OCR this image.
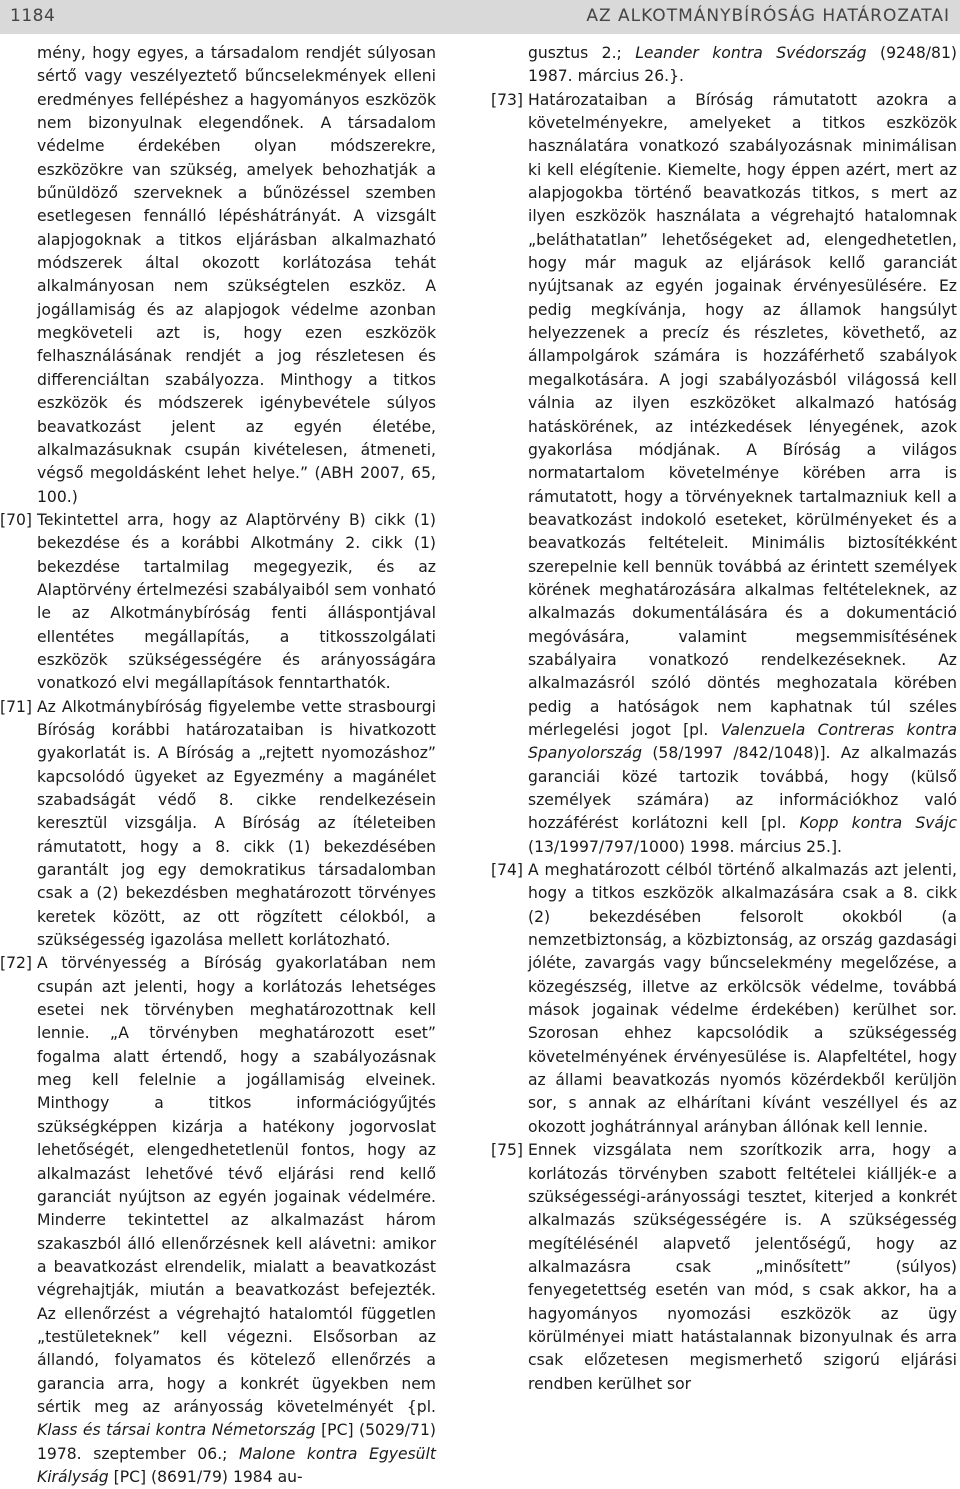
1184	AZ ALKOTMÁNYBÍRÓSÁG HATÁROZATAI

mény, hogy egyes, a társadalom rendjét súlyosan sértő vagy veszélyeztető bűncselekmények elleni eredményes fellépéshez a hagyományos eszközök nem bizonyulnak elegendőnek. A társadalom védelme érdekében olyan módszerekre, eszközökre van szükség, amelyek behozhatják a bűnüldöző szerveknek a bűnözéssel szemben esetlegesen fennálló lépéshátrányát. A vizsgált alapjogoknak a titkos eljárásban alkalmazható módszerek által okozott korlátozása tehát alkalmányosan nem szükségtelen eszköz. A jogállamiság és az alapjogok védelme azonban megköveteli azt is, hogy ezen eszközök felhasználásának rendjét a jog részletesen és differenciáltan szabályozza. Minthogy a titkos eszközök és módszerek igénybevétele súlyos beavatkozást jelent az egyén életébe, alkalmazásuknak csupán kivételesen, átmeneti, végső megoldásként lehet helye.” (ABH 2007, 65, 100.)

[70] Tekintettel arra, hogy az Alaptörvény B) cikk (1) bekezdése és a korábbi Alkotmány 2. cikk (1) bekezdése tartalmilag megegyezik, és az Alaptörvény értelmezési szabályaiból sem vonható le az Alkotmánybíróság fenti álláspontjával ellentétes megállapítás, a titkosszolgálati eszközök szükségességére és arányosságára vonatkozó elvi megállapítások fenntarthatók.

[71] Az Alkotmánybíróság figyelembe vette strasbourgi Bíróság korábbi határozataiban is hivatkozott gyakorlatát is. A Bíróság a „rejtett nyomozáshoz” kapcsolódó ügyeket az Egyezmény a magánélet szabadságát védő 8. cikke rendelkezésein keresztül vizsgálja. A Bíróság az ítéleteiben rámutatott, hogy a 8. cikk (1) bekezdésében garantált jog egy demokratikus társadalomban csak a (2) bekezdésben meghatározott törvényes keretek között, az ott rögzített célokból, a szükségesség igazolása mellett korlátozható.

[72] A törvényesség a Bíróság gyakorlatában nem csupán azt jelenti, hogy a korlátozás lehetséges esetei nek törvényben meghatározottnak kell lennie. „A törvényben meghatározott eset” fogalma alatt értendő, hogy a szabályozásnak meg kell felelnie a jogállamiság elveinek. Minthogy a titkos információgyűjtés szükségképpen kizárja a hatékony jogorvoslat lehetőségét, elengedhetetlenül fontos, hogy az alkalmazást lehetővé tévő eljárási rend kellő garanciát nyújtson az egyén jogainak védelmére. Minderre tekintettel az alkalmazást három szakaszból álló ellenőrzésnek kell alávetni: amikor a beavatkozást elrendelik, mialatt a beavatkozást végrehajtják, miután a beavatkozást befejezték. Az ellenőrzést a végrehajtó hatalomtól független „testületeknek” kell végezni. Elsősorban az állandó, folyamatos és kötelező ellenőrzés a garancia arra, hogy a konkrét ügyekben nem sértik meg az arányosság követelményét {pl. Klass és társai kontra Németország [PC] (5029/71) 1978. szeptember 06.; Malone kontra Egyesült Királyság [PC] (8691/79) 1984 au-

gusztus 2.; Leander kontra Svédország (9248/81) 1987. március 26.}.

[73] Határozataiban a Bíróság rámutatott azokra a követelményekre, amelyeket a titkos eszközök használatára vonatkozó szabályozásnak minimálisan ki kell elégítenie. Kiemelte, hogy éppen azért, mert az alapjogokba történő beavatkozás titkos, s mert az ilyen eszközök használata a végrehajtó hatalomnak „beláthatatlan” lehetőségeket ad, elengedhetetlen, hogy már maguk az eljárások kellő garanciát nyújtsanak az egyén jogainak érvényesülésére. Ez pedig megkívánja, hogy az államok hangsúlyt helyezzenek a precíz és részletes, követhető, az állampolgárok számára is hozzáférhető szabályok megalkotására. A jogi szabályozásból világossá kell válnia az ilyen eszközöket alkalmazó hatóság hatáskörének, az intézkedések lényegének, azok gyakorlása módjának. A Bíróság a világos normatartalom követelménye körében arra is rámutatott, hogy a törvényeknek tartalmazniuk kell a beavatkozást indokoló eseteket, körülményeket és a beavatkozás feltételeit. Minimális biztosítékként szerepelnie kell bennük továbbá az érintett személyek körének meghatározására alkalmas feltételeknek, az alkalmazás dokumentálására és a dokumentáció megóvására, valamint megsemmisítésének szabályaira vonatkozó rendelkezéseknek. Az alkalmazásról szóló döntés meghozatala körében pedig a hatóságok nem kaphatnak túl széles mérlegelési jogot [pl. Valenzuela Contreras kontra Spanyolország (58/1997 /842/1048)]. Az alkalmazás garanciái közé tartozik továbbá, hogy (külső személyek számára) az információkhoz való hozzáférést korlátozni kell [pl. Kopp kontra Svájc (13/1997/797/1000) 1998. március 25.].

[74] A meghatározott célból történő alkalmazás azt jelenti, hogy a titkos eszközök alkalmazására csak a 8. cikk (2) bekezdésében felsorolt okokból (a nemzetbiztonság, a közbiztonság, az ország gazdasági jóléte, zavargás vagy bűncselekmény megelőzése, a közegészség, illetve az erkölcsök védelme, továbbá mások jogainak védelme érdekében) kerülhet sor. Szorosan ehhez kapcsolódik a szükségesség követelményének érvényesülése is. Alapfeltétel, hogy az állami beavatkozás nyomós közérdekből kerüljön sor, s annak az elhárítani kívánt veszéllyel és az okozott joghátránnyal arányban állónak kell lennie.

[75] Ennek vizsgálata nem szorítkozik arra, hogy a korlátozás törvényben szabott feltételei kiálljék-e a szükségességi-arányossági tesztet, kiterjed a konkrét alkalmazás szükségességére is. A szükségesség megítélésénél alapvető jelentőségű, hogy az alkalmazásra csak „minősített” (súlyos) fenyegetettség esetén van mód, s csak akkor, ha a hagyományos nyomozási eszközök az ügy körülményei miatt hatástalannak bizonyulnak és arra csak előzetesen megismerhető szigorú eljárási rendben kerülhet sor
